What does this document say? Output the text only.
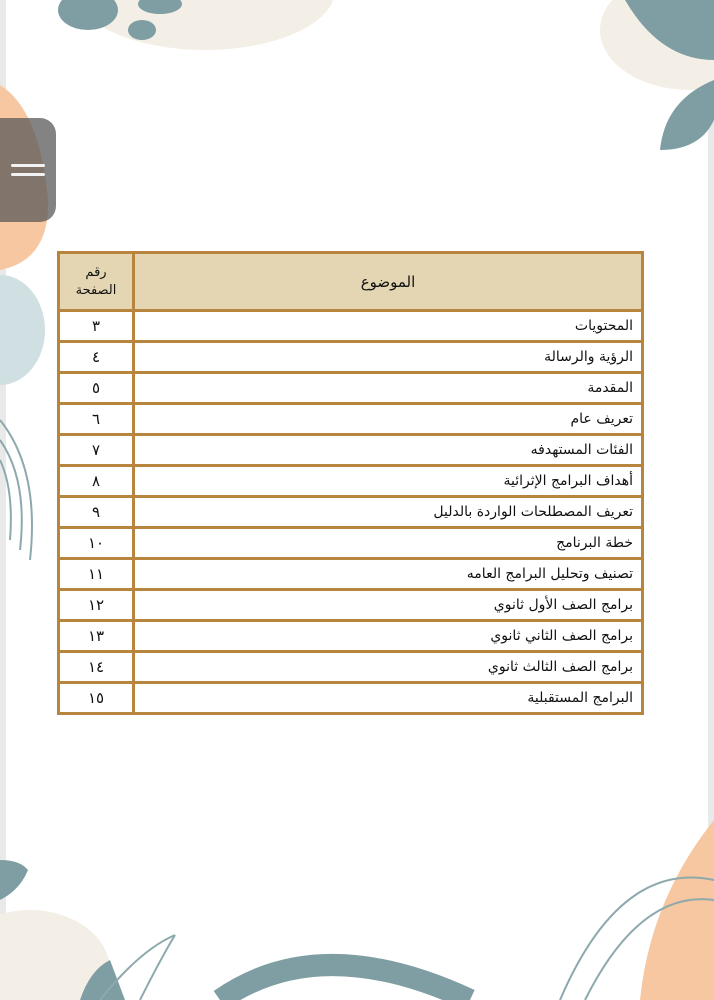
الموضوع	رقم الصفحة
المحتويات	٣
الرؤية والرسالة	٤
المقدمة	٥
تعريف عام	٦
الفئات المستهدفه	٧
أهداف البرامج الإثرائية	٨
تعريف المصطلحات الواردة بالدليل	٩
خطة البرنامج	١٠
تصنيف وتحليل البرامج العامه	١١
برامج الصف الأول ثانوي	١٢
برامج الصف الثاني ثانوي	١٣
برامج الصف الثالث ثانوي	١٤
البرامج المستقبلية	١٥
